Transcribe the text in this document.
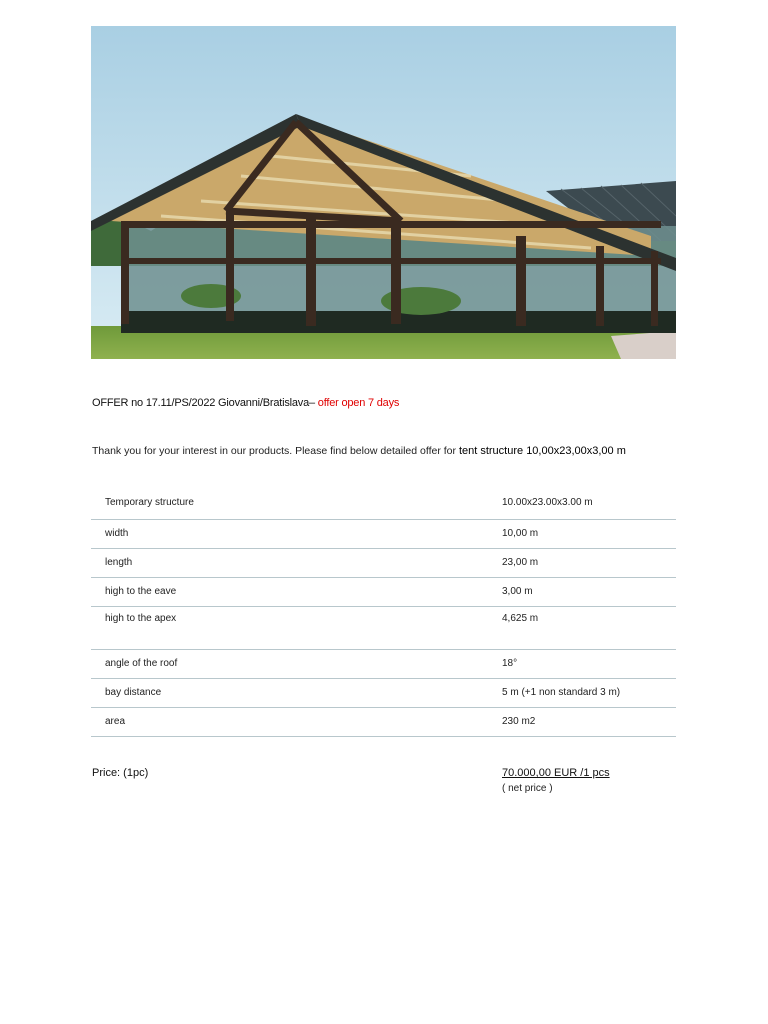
OFFER no 17.11/PS/2022 Giovanni/Bratislava– offer open 7 days
Thank you for your interest in our products. Please find below detailed offer for tent structure 10,00x23,00x3,00 m
Temporary structure	10.00x23.00x3.00 m
width	10,00 m
length	23,00 m
high to the eave	3,00 m
high to the apex	4,625 m
angle of the roof	18°
bay distance	5 m (+1 non standard 3 m)
area	230 m2
Price: (1pc)	70.000,00 EUR /1 pcs
( net price )
